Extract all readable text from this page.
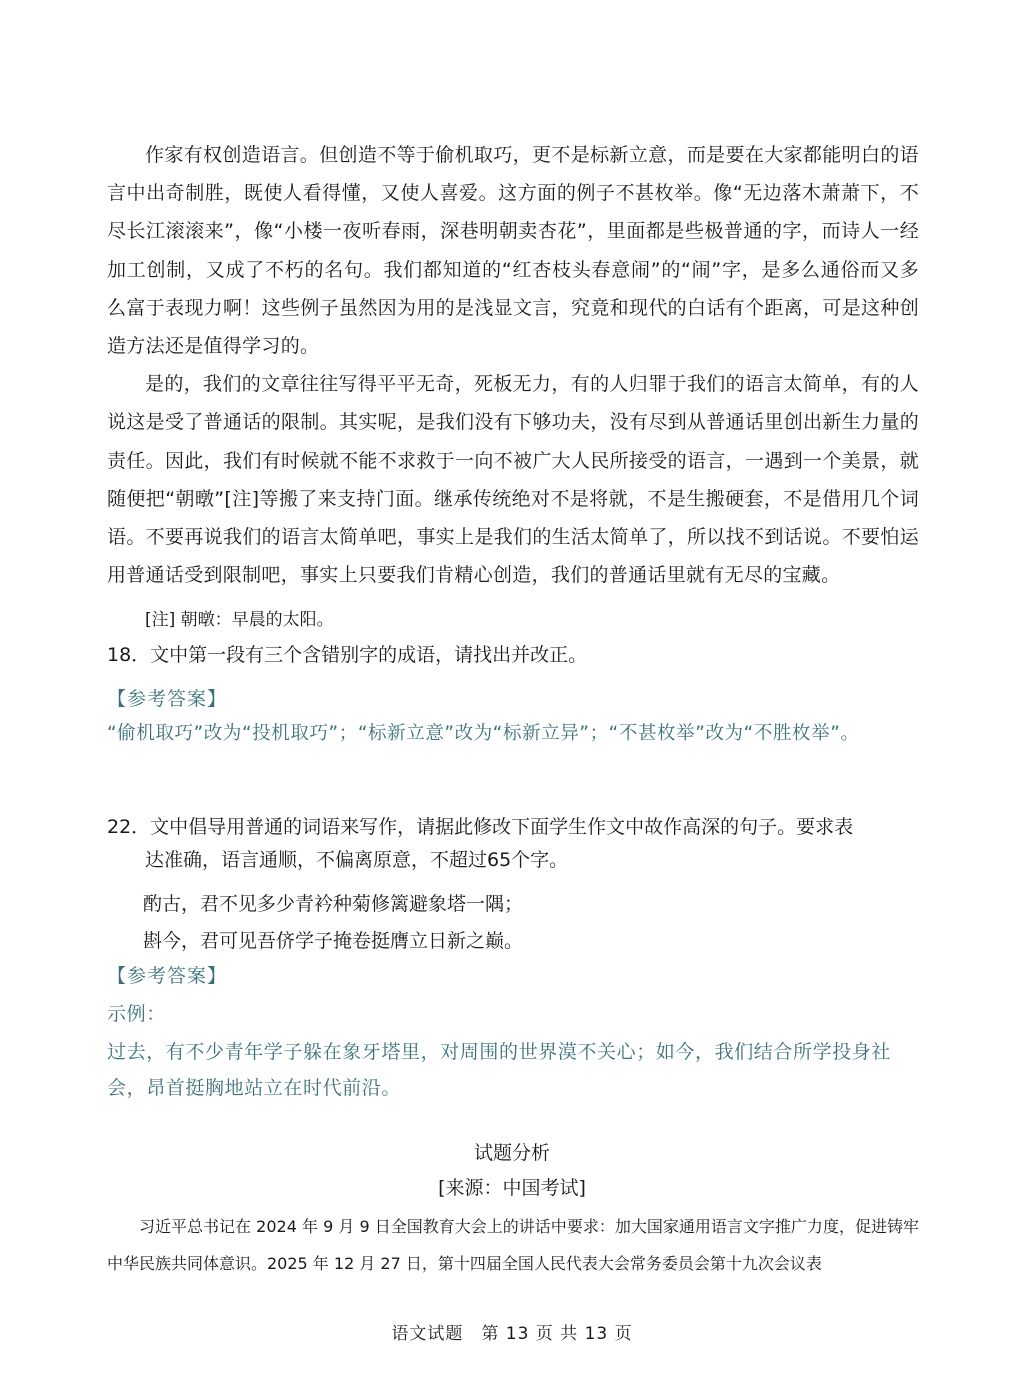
作家有权创造语言。但创造不等于偷机取巧，更不是标新立意，而是要在大家都能明白的语言中出奇制胜，既使人看得懂，又使人喜爱。这方面的例子不甚枚举。像“无边落木萧萧下，不尽长江滚滚来”，像“小楼一夜听春雨，深巷明朝卖杏花”，里面都是些极普通的字，而诗人一经加工创制，又成了不朽的名句。我们都知道的“红杏枝头春意闹”的“闹”字，是多么通俗而又多么富于表现力啊！这些例子虽然因为用的是浅显文言，究竟和现代的白话有个距离，可是这种创造方法还是值得学习的。

是的，我们的文章往往写得平平无奇，死板无力，有的人归罪于我们的语言太简单，有的人说这是受了普通话的限制。其实呢，是我们没有下够功夫，没有尽到从普通话里创出新生力量的责任。因此，我们有时候就不能不求救于一向不被广大人民所接受的语言，一遇到一个美景，就随便把“朝暾”[注]等搬了来支持门面。继承传统绝对不是将就，不是生搬硬套，不是借用几个词语。不要再说我们的语言太简单吧，事实上是我们的生活太简单了，所以找不到话说。不要怕运用普通话受到限制吧，事实上只要我们肯精心创造，我们的普通话里就有无尽的宝藏。

[注] 朝暾：早晨的太阳。
18．文中第一段有三个含错别字的成语，请找出并改正。
【参考答案】
“偷机取巧”改为“投机取巧”；“标新立意”改为“标新立异”；“不甚枚举”改为“不胜枚举”。
22．文中倡导用普通的词语来写作，请据此修改下面学生作文中故作高深的句子。要求表
达准确，语言通顺，不偏离原意，不超过65个字。
酌古，君不见多少青衿种菊修篱避象塔一隅；
斟今，君可见吾侪学子掩卷挺膺立日新之巅。
【参考答案】
示例：
过去，有不少青年学子躲在象牙塔里，对周围的世界漠不关心；如今，我们结合所学投身社会，昂首挺胸地站立在时代前沿。
试题分析
[来源：中国考试]

习近平总书记在 2024 年 9 月 9 日全国教育大会上的讲话中要求：加大国家通用语言文字推广力度，促进铸牢中华民族共同体意识。2025 年 12 月 27 日，第十四届全国人民代表大会常务委员会第十九次会议表

语文试题　第 13 页 共 13 页
